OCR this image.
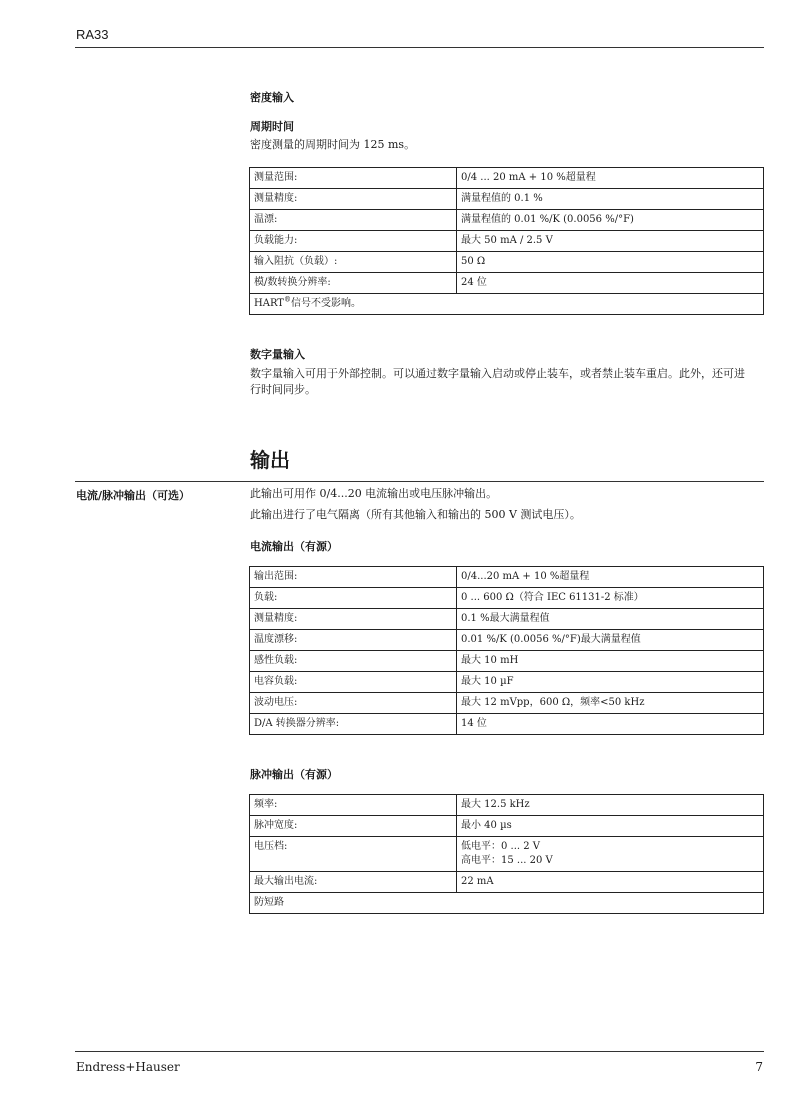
RA33
密度输入
周期时间
密度测量的周期时间为 125 ms。
测量范围:	0/4 ... 20 mA + 10 %超量程
测量精度:	满量程值的 0.1 %
温漂:	满量程值的 0.01 %/K (0.0056 %/°F)
负载能力:	最大 50 mA / 2.5 V
输入阻抗（负载）:	50 Ω
模/数转换分辨率:	24 位
HART®信号不受影响。	
数字量输入
数字量输入可用于外部控制。可以通过数字量输入启动或停止装车，或者禁止装车重启。此外，还可进行时间同步。
输出
电流/脉冲输出（可选）	此输出可用作 0/4...20 电流输出或电压脉冲输出。
此输出进行了电气隔离（所有其他输入和输出的 500 V 测试电压）。
电流输出（有源）
输出范围:	0/4...20 mA + 10 %超量程
负载:	0 ... 600 Ω（符合 IEC 61131-2 标准）
测量精度:	0.1 %最大满量程值
温度漂移:	0.01 %/K (0.0056 %/°F)最大满量程值
感性负载:	最大 10 mH
电容负载:	最大 10 µF
波动电压:	最大 12 mVpp，600 Ω，频率<50 kHz
D/A 转换器分辨率:	14 位
脉冲输出（有源）
频率:	最大 12.5 kHz
脉冲宽度:	最小 40 µs
电压档:	低电平：0 ... 2 V
高电平：15 ... 20 V

最大输出电流:	22 mA
防短路	
Endress+Hauser	7
